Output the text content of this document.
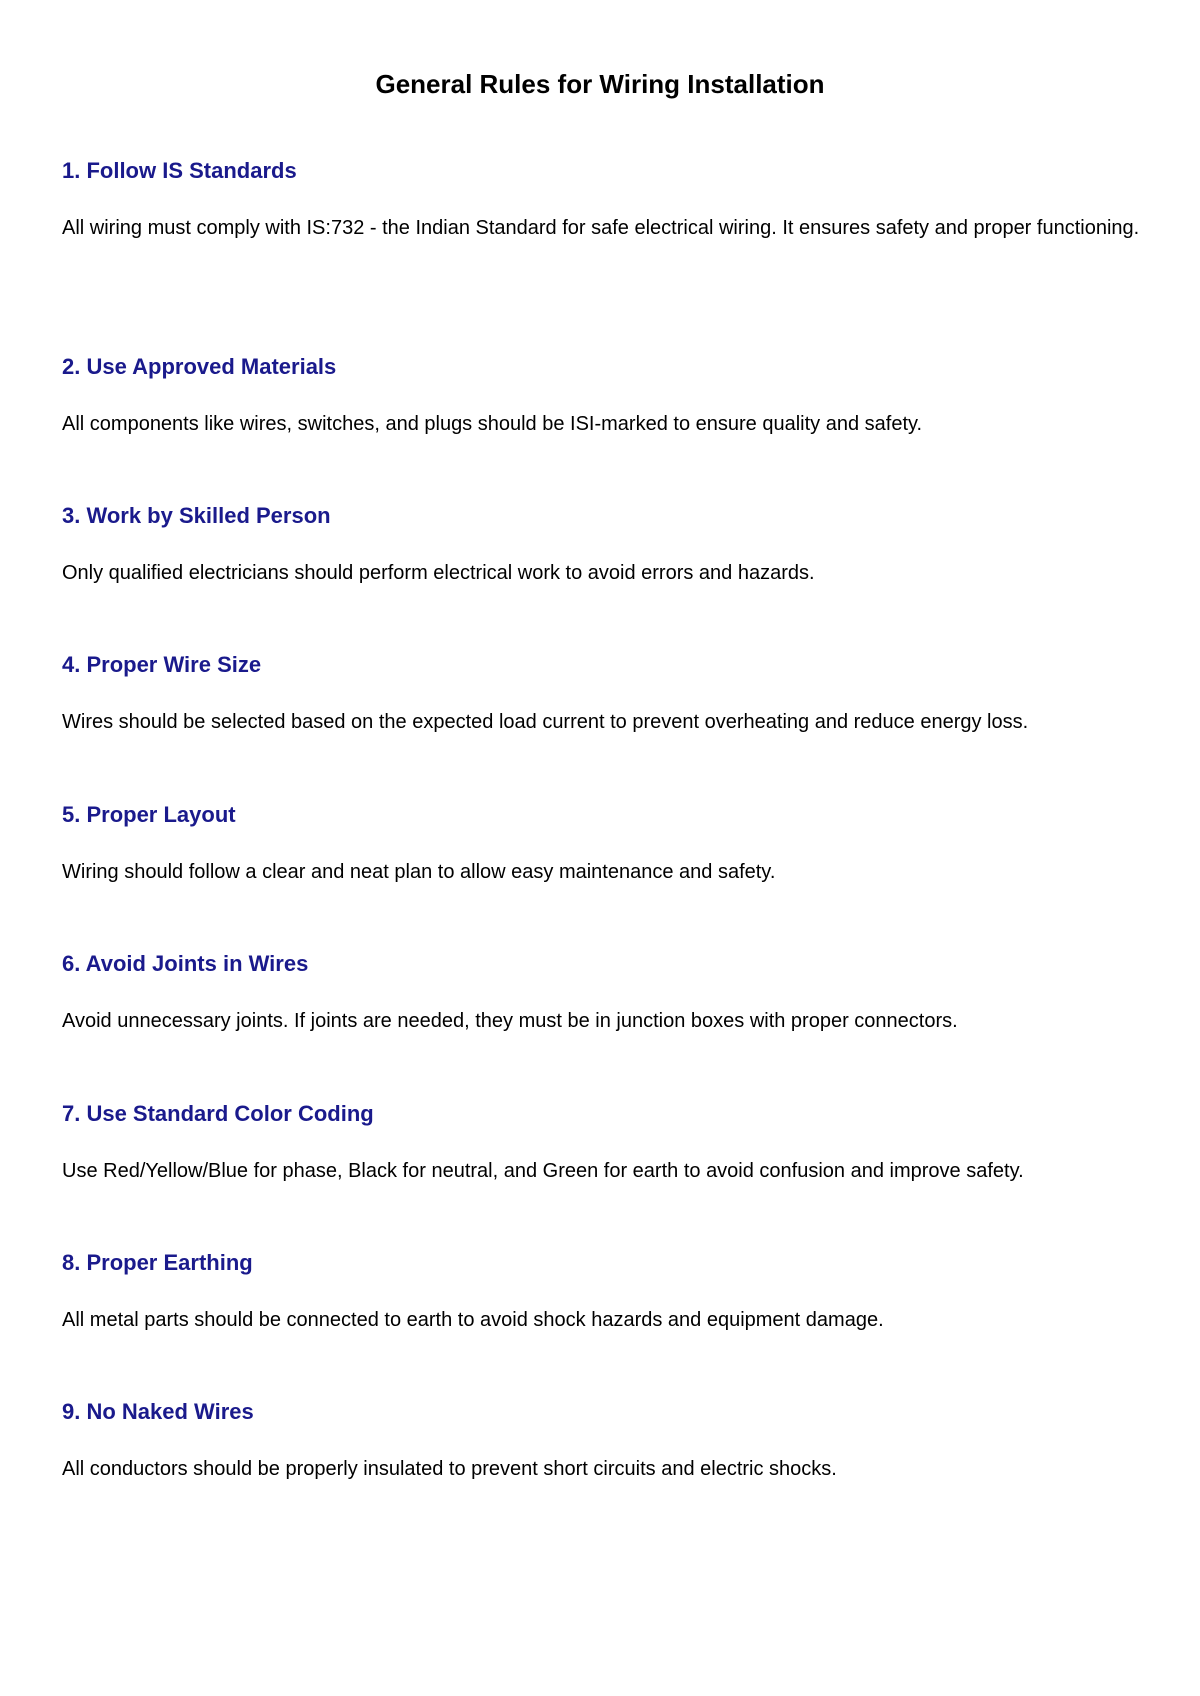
General Rules for Wiring Installation
1. Follow IS Standards

All wiring must comply with IS:732 - the Indian Standard for safe electrical wiring. It ensures safety and proper functioning.

2. Use Approved Materials

All components like wires, switches, and plugs should be ISI-marked to ensure quality and safety.

3. Work by Skilled Person

Only qualified electricians should perform electrical work to avoid errors and hazards.

4. Proper Wire Size

Wires should be selected based on the expected load current to prevent overheating and reduce energy loss.

5. Proper Layout

Wiring should follow a clear and neat plan to allow easy maintenance and safety.

6. Avoid Joints in Wires

Avoid unnecessary joints. If joints are needed, they must be in junction boxes with proper connectors.

7. Use Standard Color Coding

Use Red/Yellow/Blue for phase, Black for neutral, and Green for earth to avoid confusion and improve safety.

8. Proper Earthing

All metal parts should be connected to earth to avoid shock hazards and equipment damage.

9. No Naked Wires

All conductors should be properly insulated to prevent short circuits and electric shocks.
